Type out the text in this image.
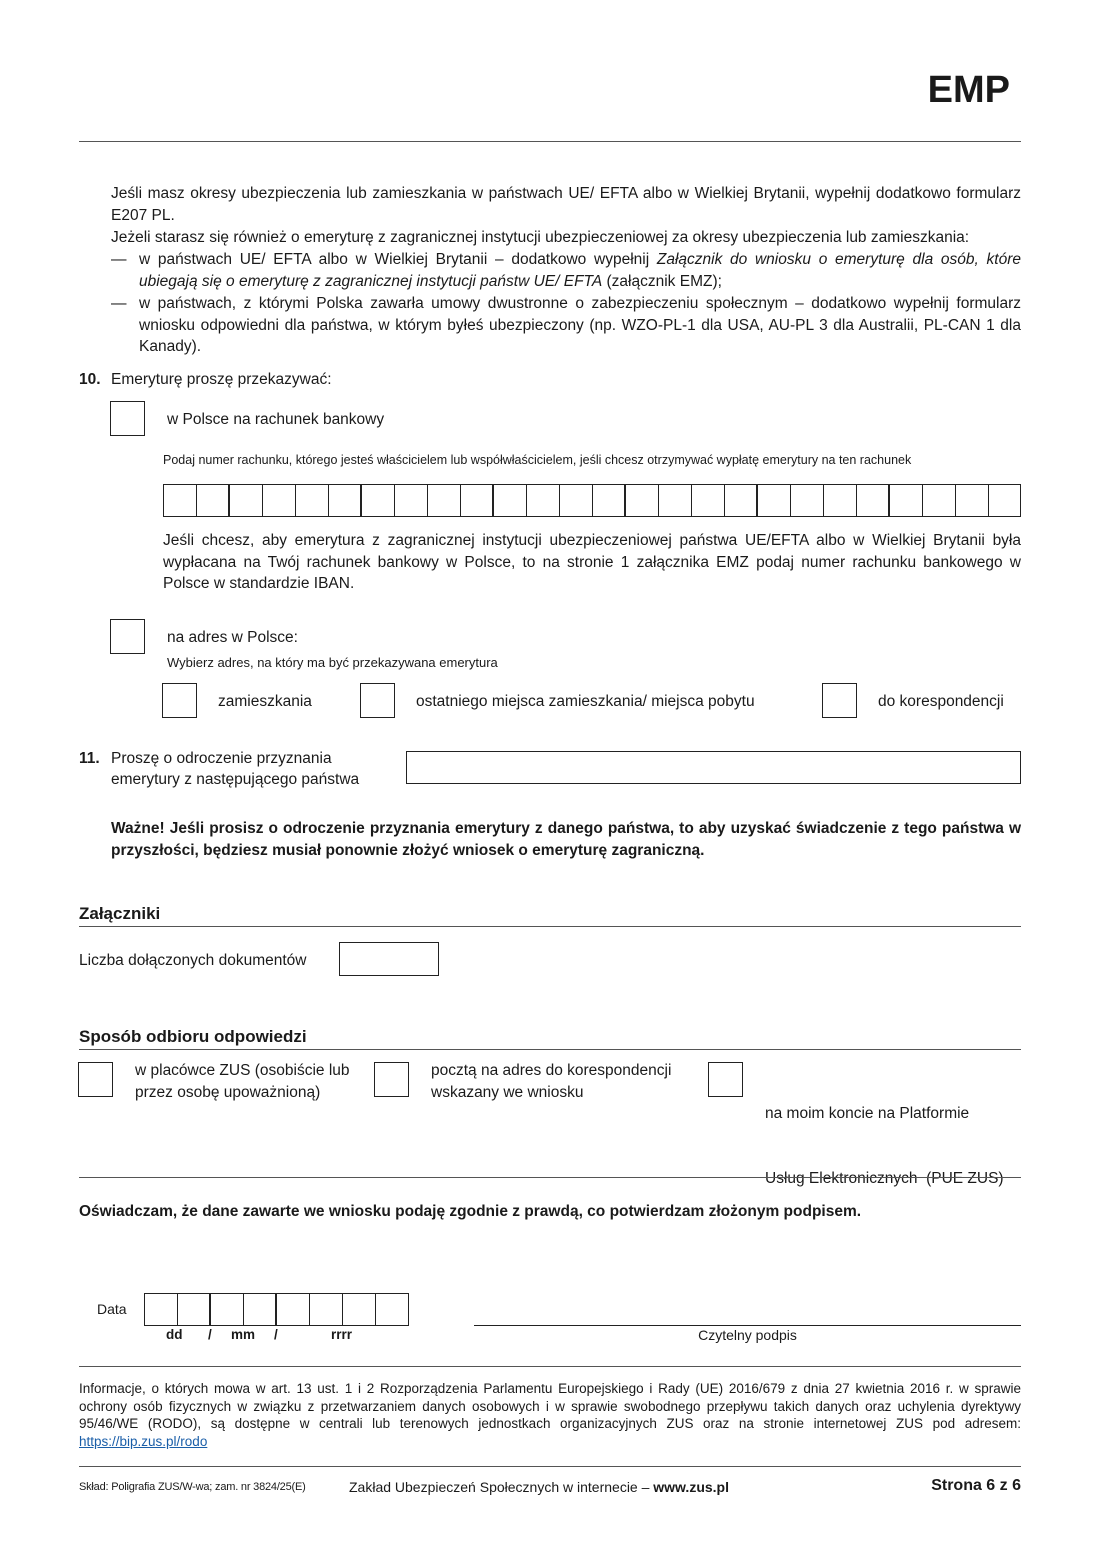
EMP
Jeśli masz okresy ubezpieczenia lub zamieszkania w państwach UE/ EFTA albo w Wielkiej Brytanii, wypełnij dodatkowo formularz E207 PL.
Jeżeli starasz się również o emeryturę z zagranicznej instytucji ubezpieczeniowej za okresy ubezpieczenia lub zamieszkania:
— w państwach UE/ EFTA albo w Wielkiej Brytanii – dodatkowo wypełnij Załącznik do wniosku o emeryturę dla osób, które ubiegają się o emeryturę z zagranicznej instytucji państw UE/ EFTA (załącznik EMZ);
— w państwach, z którymi Polska zawarła umowy dwustronne o zabezpieczeniu społecznym – dodatkowo wypełnij formularz wniosku odpowiedni dla państwa, w którym byłeś ubezpieczony (np. WZO-PL-1 dla USA, AU-PL 3 dla Australii, PL-CAN 1 dla Kanady).
10. Emeryturę proszę przekazywać:
w Polsce na rachunek bankowy
Podaj numer rachunku, którego jesteś właścicielem lub współwłaścicielem, jeśli chcesz otrzymywać wypłatę emerytury na ten rachunek
Jeśli chcesz, aby emerytura z zagranicznej instytucji ubezpieczeniowej państwa UE/EFTA albo w Wielkiej Brytanii była wypłacana na Twój rachunek bankowy w Polsce, to na stronie 1 załącznika EMZ podaj numer rachunku bankowego w Polsce w standardzie IBAN.
na adres w Polsce:
Wybierz adres, na który ma być przekazywana emerytura
zamieszkania	ostatniego miejsca zamieszkania/ miejsca pobytu	do korespondencji
11. Proszę o odroczenie przyznania
emerytury z następującego państwa
Ważne! Jeśli prosisz o odroczenie przyznania emerytury z danego państwa, to aby uzyskać świadczenie z tego państwa w przyszłości, będziesz musiał ponownie złożyć wniosek o emeryturę zagraniczną.
Załączniki
Liczba dołączonych dokumentów
Sposób odbioru odpowiedzi
w placówce ZUS (osobiście lub
przez osobę upoważnioną)
pocztą na adres do korespondencji
wskazany we wniosku

na moim koncie na Platformie

Usług Elektronicznych  (PUE ZUS)

Oświadczam, że dane zawarte we wniosku podaję zgodnie z prawdą, co potwierdzam złożonym podpisem.
Data
dd / mm /	rrrr	Czytelny podpis
Informacje, o których mowa w art. 13 ust. 1 i 2 Rozporządzenia Parlamentu Europejskiego i Rady (UE) 2016/679 z dnia 27 kwietnia 2016 r. w sprawie ochrony osób fizycznych w związku z przetwarzaniem danych osobowych i w sprawie swobodnego przepływu takich danych oraz uchylenia dyrektywy 95/46/WE (RODO), są dostępne w centrali lub terenowych jednostkach organizacyjnych ZUS oraz na stronie internetowej ZUS pod adresem: https://bip.zus.pl/rodo
Skład: Poligrafia ZUS/W-wa; zam. nr 3824/25(E)	Zakład Ubezpieczeń Społecznych w internecie – www.zus.pl	Strona 6 z 6
